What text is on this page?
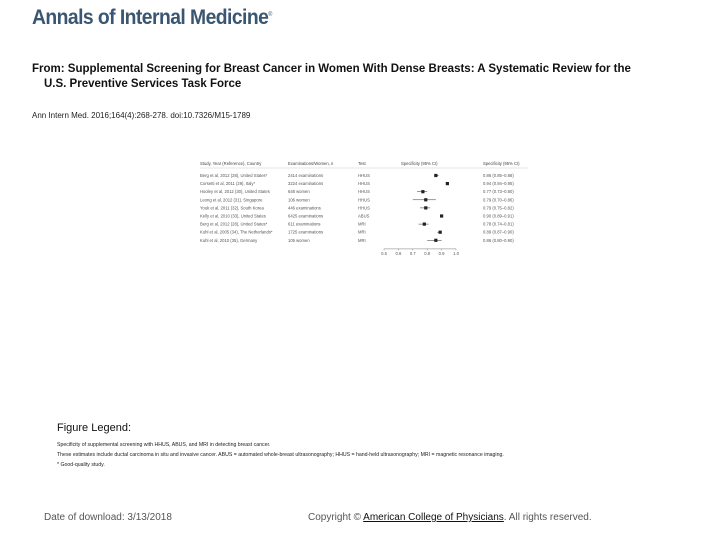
Annals of Internal Medicine®
From: Supplemental Screening for Breast Cancer in Women With Dense Breasts: A Systematic Review for the
U.S. Preventive Services Task Force
Ann Intern Med. 2016;164(4):268-278. doi:10.7326/M15-1789
Study, Year (Reference), Country	Examinations/Women, n	Test	Specificity (95% CI)	Specificity (95% CI)
Berg et al, 2012 (28), United States*	2414 examinations	HHUS	0.86 (0.85–0.88)
Corsetti et al, 2011 (29), Italy*	3224 examinations	HHUS	0.94 (0.94–0.95)
Hooley et al, 2012 (30), United States	648 women	HHUS	0.77 (0.73–0.80)
Leong et al, 2012 (31), Singapore	106 women	HHUS	0.79 (0.70–0.86)
Youk et al, 2011 (32), South Korea	446 examinations	HHUS	0.79 (0.75–0.82)
Kelly et al, 2010 (33), United States	6425 examinations	ABUS	0.90 (0.89–0.91)
Berg et al, 2012 (28), United States*	611 examinations	MRI	0.78 (0.74–0.81)
Kuhl et al, 2005 (34), The Netherlands*	1725 examinations	MRI	0.89 (0.87–0.90)
Kuhl et al, 2010 (35), Germany	105 women	MRI	0.86 (0.80–0.90)
0.5 0.6 0.7 0.8 0.9 1.0
Figure Legend:
Specificity of supplemental screening with HHUS, ABUS, and MRI in detecting breast cancer.
These estimates include ductal carcinoma in situ and invasive cancer. ABUS = automated whole-breast ultrasonography; HHUS = hand-held ultrasonography; MRI = magnetic resonance imaging.
* Good-quality study.
Date of download: 3/13/2018	Copyright © American College of Physicians. All rights reserved.
